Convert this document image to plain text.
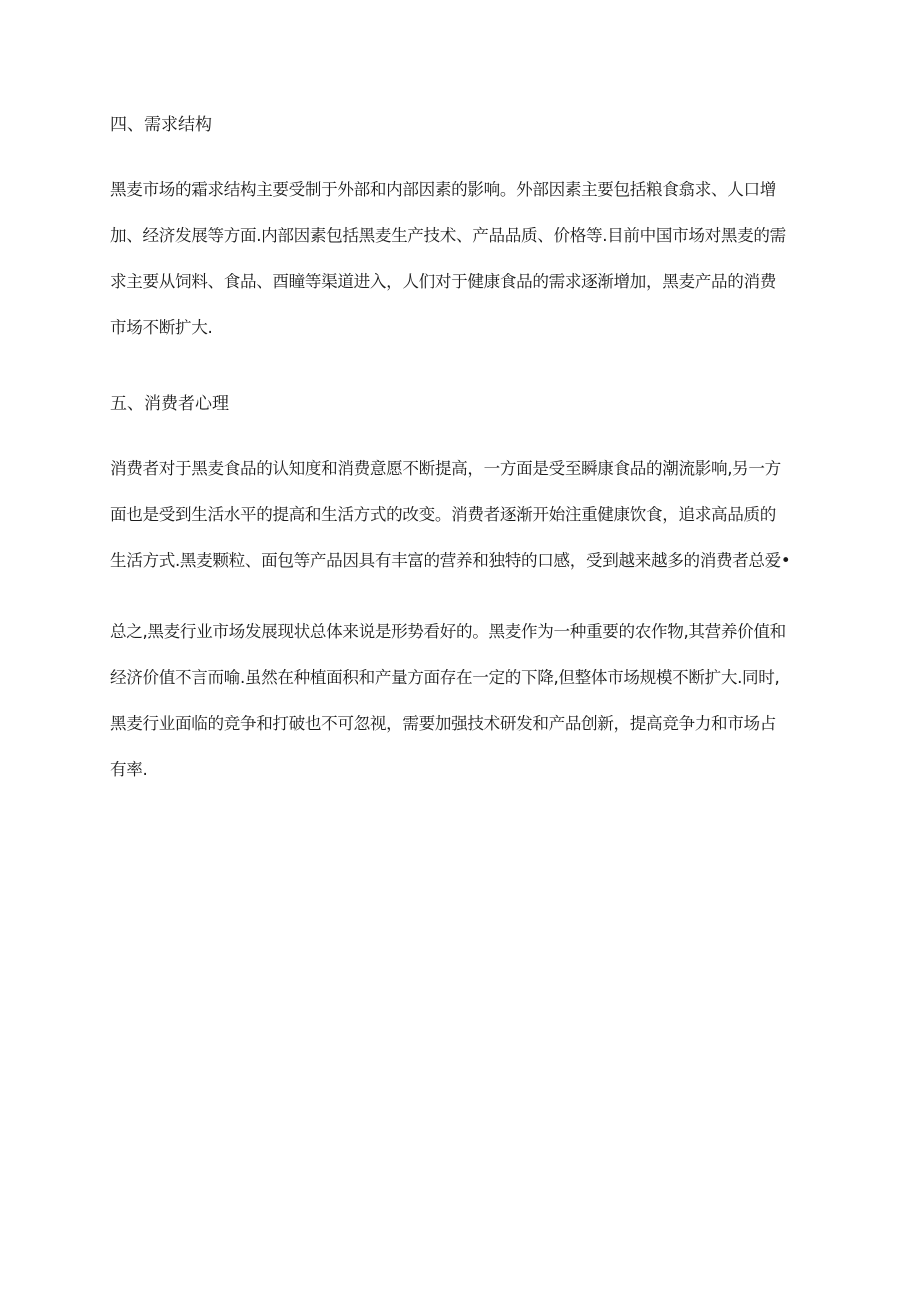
四、需求结构

黑麦市场的霜求结构主要受制于外部和内部因素的影响。外部因素主要包括粮食翕求、人口增
加、经济发展等方面.内部因素包括黑麦生产技术、产品品质、价格等.目前中国市场对黑麦的需
求主要从饲料、食品、酉瞳等渠道进入，人们对于健康食品的需求逐渐增加，黑麦产品的消费
市场不断扩大.

五、消费者心理

消费者对于黑麦食品的认知度和消费意愿不断提高，一方面是受至瞬康食品的潮流影响,另一方
面也是受到生活水平的提高和生活方式的改变。消费者逐渐开始注重健康饮食，追求高品质的
生活方式.黑麦颗粒、面包等产品因具有丰富的营养和独特的口感，受到越来越多的消费者总爱•

总之,黑麦行业市场发展现状总体来说是形势看好的。黑麦作为一种重要的农作物,其营养价值和
经济价值不言而喻.虽然在种植面积和产量方面存在一定的下降,但整体市场规模不断扩大.同时,
黑麦行业面临的竞争和打破也不可忽视，需要加强技术研发和产品创新，提高竞争力和市场占
有率.
